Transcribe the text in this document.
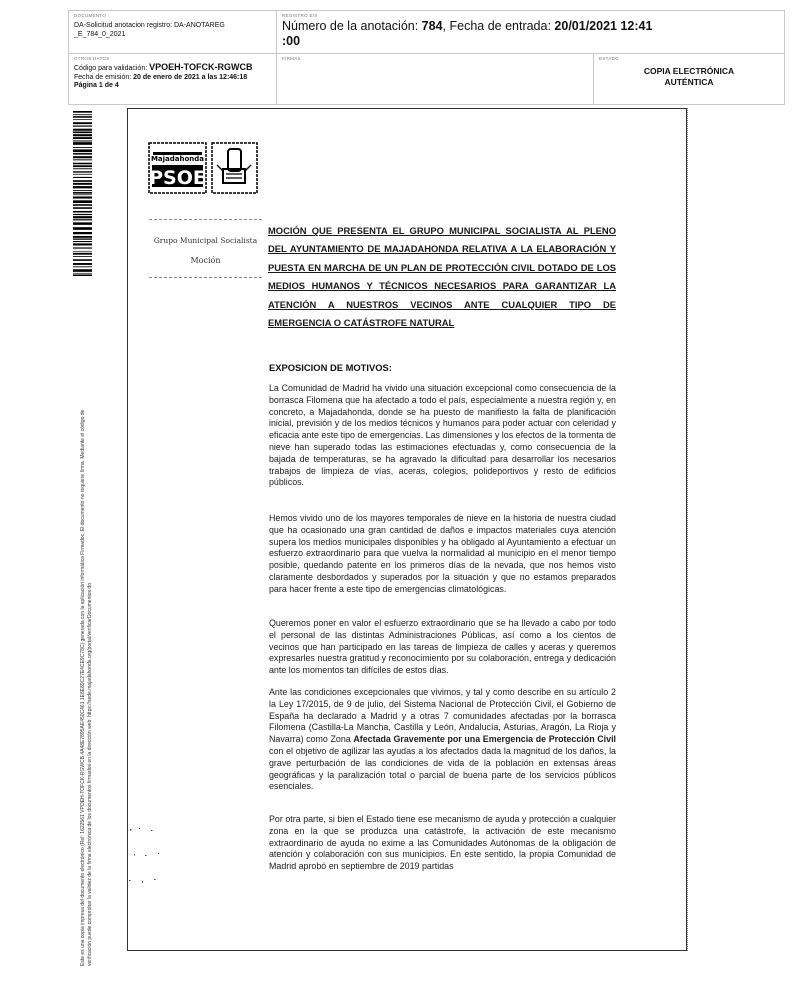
DOCUMENTO
DA-Solicitud anotacion registro: DA-ANOTAREG _E_784_0_2021
REGISTRO E/S
Número de la anotación: 784, Fecha de entrada: 20/01/2021 12:41
:00
OTROS DATOS
Código para validación: VPOEH-TOFCK-RGWCB
Fecha de emisión: 20 de enero de 2021 a las 12:46:18
Página 1 de 4
FIRMAS	ESTADO
COPIA ELECTRÓNICA
AUTÉNTICA
Este es una copia impresa del documento electrónico (Ref: 1622561 VPOEH-TOFCK-RGWCB 4A48E7895AE450C461 1E8E89C27E4CE9C78C) generada con la aplicación informática Firmadoc. El documento no requiere firma. Mediante el código de verificación puede comprobar la validez de la firma electrónica de los documentos firmados en la dirección web: https://sede.majadahonda.org/portal/verificarDocumentos.do
Majadahonda
PSOE
Grupo Municipal Socialista
Moción
MOCIÓN QUE PRESENTA EL GRUPO MUNICIPAL SOCIALISTA AL PLENO DEL AYUNTAMIENTO DE MAJADAHONDA RELATIVA A LA ELABORACIÓN Y PUESTA EN MARCHA DE UN PLAN DE PROTECCIÓN CIVIL DOTADO DE LOS MEDIOS HUMANOS Y TÉCNICOS NECESARIOS PARA GARANTIZAR LA ATENCIÓN A NUESTROS VECINOS ANTE CUALQUIER TIPO DE EMERGENCIA O CATÁSTROFE NATURAL
EXPOSICION DE MOTIVOS:
La Comunidad de Madrid ha vivido una situación excepcional como consecuencia de la borrasca Filomena que ha afectado a todo el país, especialmente a nuestra región y, en concreto, a Majadahonda, donde se ha puesto de manifiesto la falta de planificación inicial, previsión y de los medios técnicos y humanos para poder actuar con celeridad y eficacia ante este tipo de emergencias. Las dimensiones y los efectos de la tormenta de nieve han superado todas las estimaciones efectuadas y, como consecuencia de la bajada de temperaturas, se ha agravado la dificultad para desarrollar los necesarios trabajos de limpieza de vías, aceras, colegios, polideportivos y resto de edificios públicos.
Hemos vivido uno de los mayores temporales de nieve en la historia de nuestra ciudad que ha ocasionado una gran cantidad de daños e impactos materiales cuya atención supera los medios municipales disponibles y ha obligado al Ayuntamiento a efectuar un esfuerzo extraordinario para que vuelva la normalidad al municipio en el menor tiempo posible, quedando patente en los primeros días de la nevada, que nos hemos visto claramente desbordados y superados por la situación y que no estamos preparados para hacer frente a este tipo de emergencias climatológicas.
Queremos poner en valor el esfuerzo extraordinario que se ha llevado a cabo por todo el personal de las distintas Administraciones Públicas, así como a los cientos de vecinos que han participado en las tareas de limpieza de calles y aceras y queremos expresarles nuestra gratitud y reconocimiento por su colaboración, entrega y dedicación ante los momentos tan difíciles de estos días.
Ante las condiciones excepcionales que vivimos, y tal y como describe en su artículo 2 la Ley 17/2015, de 9 de julio, del Sistema Nacional de Protección Civil, el Gobierno de España ha declarado a Madrid y a otras 7 comunidades afectadas por la borrasca Filomena (Castilla-La Mancha, Castilla y León, Andalucía, Asturias, Aragón, La Rioja y Navarra) como Zona Afectada Gravemente por una Emergencia de Protección Civil con el objetivo de agilizar las ayudas a los afectados dada la magnitud de los daños, la grave perturbación de las condiciones de vida de la población en extensas áreas geográficas y la paralización total o parcial de buena parte de los servicios públicos esenciales.
Por otra parte, si bien el Estado tiene ese mecanismo de ayuda y protección a cualquier zona en la que se produzca una catástrofe, la activación de este mecanismo extraordinario de ayuda no exime a las Comunidades Autónomas de la obligación de atención y colaboración con sus municipios. En este sentido, la propia Comunidad de Madrid aprobó en septiembre de 2019 partidas
